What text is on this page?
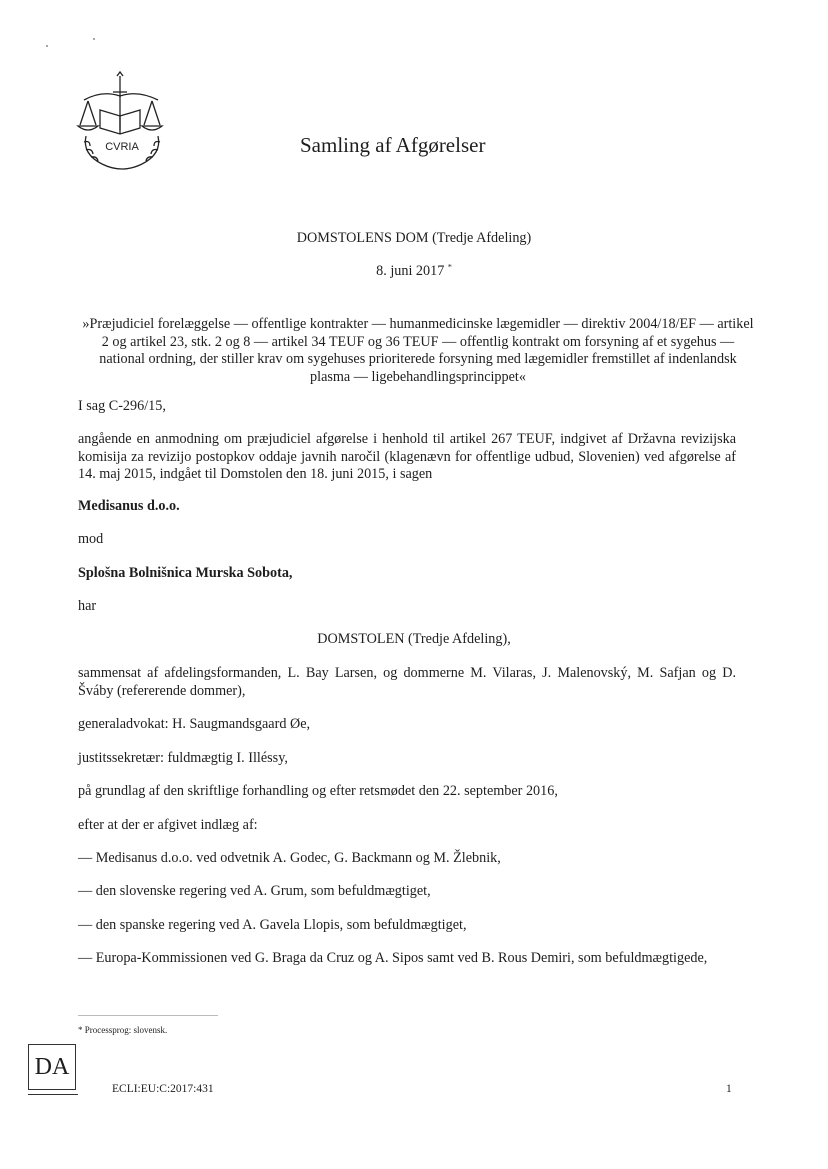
CVRIA	Samling af Afgørelser
DOMSTOLENS DOM (Tredje Afdeling)
8. juni 2017 *
»Præjudiciel forelæggelse — offentlige kontrakter — humanmedicinske lægemidler — direktiv 2004/18/EF — artikel 2 og artikel 23, stk. 2 og 8 — artikel 34 TEUF og 36 TEUF — offentlig kontrakt om forsyning af et sygehus — national ordning, der stiller krav om sygehuses prioriterede forsyning med lægemidler fremstillet af indenlandsk plasma — ligebehandlingsprincippet«
I sag C-296/15,
angående en anmodning om præjudiciel afgørelse i henhold til artikel 267 TEUF, indgivet af Državna revizijska komisija za revizijo postopkov oddaje javnih naročil (klagenævn for offentlige udbud, Slovenien) ved afgørelse af 14. maj 2015, indgået til Domstolen den 18. juni 2015, i sagen
Medisanus d.o.o.
mod
Splošna Bolnišnica Murska Sobota,
har
DOMSTOLEN (Tredje Afdeling),
sammensat af afdelingsformanden, L. Bay Larsen, og dommerne M. Vilaras, J. Malenovský, M. Safjan og D. Šváby (refererende dommer),
generaladvokat: H. Saugmandsgaard Øe,
justitssekretær: fuldmægtig I. Illéssy,
på grundlag af den skriftlige forhandling og efter retsmødet den 22. september 2016,
efter at der er afgivet indlæg af:
— Medisanus d.o.o. ved odvetnik A. Godec, G. Backmann og M. Žlebnik,
— den slovenske regering ved A. Grum, som befuldmægtiget,
— den spanske regering ved A. Gavela Llopis, som befuldmægtiget,
— Europa-Kommissionen ved G. Braga da Cruz og A. Sipos samt ved B. Rous Demiri, som befuldmægtigede,
* Processprog: slovensk.
DA
ECLI:EU:C:2017:431	1
